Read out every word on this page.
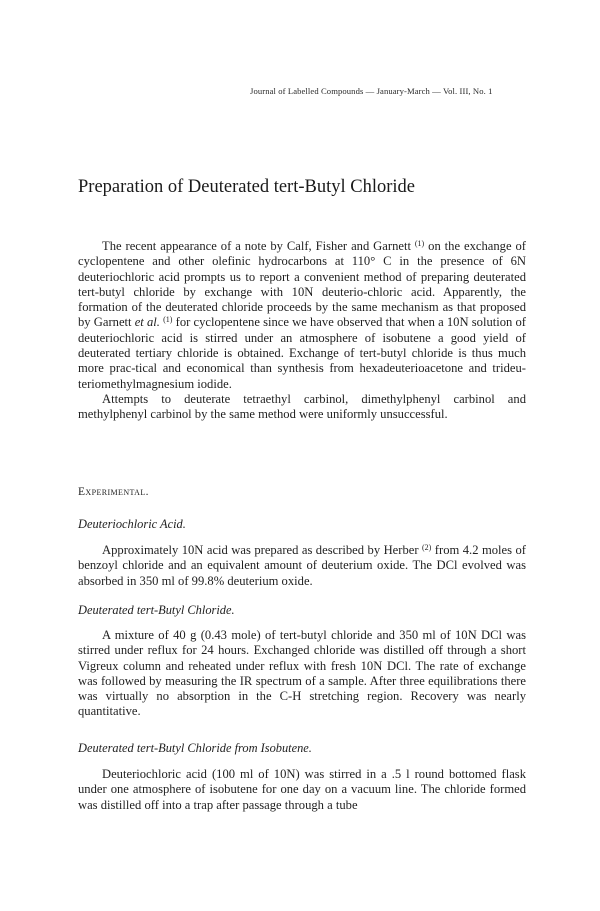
Journal of Labelled Compounds — January-March — Vol. III, No. 1
Preparation of Deuterated tert-Butyl Chloride

The recent appearance of a note by Calf, Fisher and Garnett $^{(1)}$ on the exchange of cyclopentene and other olefinic hydrocarbons at 110° C in the presence of 6N deuteriochloric acid prompts us to report a convenient method of preparing deuterated tert-butyl chloride by exchange with 10N deuterio-chloric acid. Apparently, the formation of the deuterated chloride proceeds by the same mechanism as that proposed by Garnett et al. $^{(1)}$ for cyclopentene since we have observed that when a 10N solution of deuteriochloric acid is stirred under an atmosphere of isobutene a good yield of deuterated tertiary chloride is obtained. Exchange of tert-butyl chloride is thus much more prac-tical and economical than synthesis from hexadeuterioacetone and trideu-teriomethylmagnesium iodide.

Attempts to deuterate tetraethyl carbinol, dimethylphenyl carbinol and methylphenyl carbinol by the same method were uniformly unsuccessful.

Experimental.
Deuteriochloric Acid.

Approximately 10N acid was prepared as described by Herber $^{(2)}$ from 4.2 moles of benzoyl chloride and an equivalent amount of deuterium oxide. The DCl evolved was absorbed in 350 ml of 99.8% deuterium oxide.

Deuterated tert-Butyl Chloride.

A mixture of 40 g (0.43 mole) of tert-butyl chloride and 350 ml of 10N DCl was stirred under reflux for 24 hours. Exchanged chloride was distilled off through a short Vigreux column and reheated under reflux with fresh 10N DCl. The rate of exchange was followed by measuring the IR spectrum of a sample. After three equilibrations there was virtually no absorption in the C-H stretching region. Recovery was nearly quantitative.

Deuterated tert-Butyl Chloride from Isobutene.

Deuteriochloric acid (100 ml of 10N) was stirred in a .5 l round bottomed flask under one atmosphere of isobutene for one day on a vacuum line. The chloride formed was distilled off into a trap after passage through a tube
